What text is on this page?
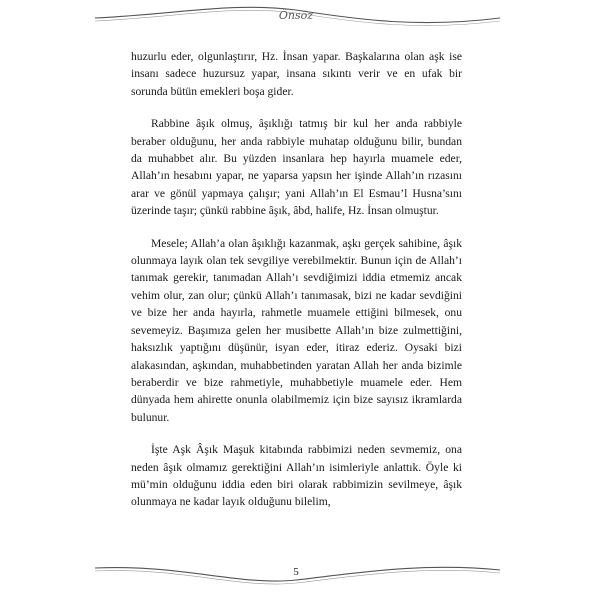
Önsöz

huzurlu eder, olgunlaştırır, Hz. İnsan yapar. Başkalarına olan aşk ise insanı sadece huzursuz yapar, insana sıkıntı verir ve en ufak bir sorunda bütün emekleri boşa gider.

Rabbine âşık olmuş, âşıklığı tatmış bir kul her anda rabbiyle beraber olduğunu, her anda rabbiyle muhatap olduğunu bilir, bundan da muhabbet alır. Bu yüzden insanlara hep hayırla muamele eder, Allah’ın hesabını yapar, ne yaparsa yapsın her işinde Allah’ın rızasını arar ve gönül yapmaya çalışır; yani Allah’ın El Esmau’l Husna’sını üzerinde taşır; çünkü rabbine âşık, âbd, halife, Hz. İnsan olmuştur.

Mesele; Allah’a olan âşıklığı kazanmak, aşkı gerçek sahibine, âşık olunmaya layık olan tek sevgiliye verebilmektir. Bunun için de Allah’ı tanımak gerekir, tanımadan Allah’ı sevdiğimizi iddia etmemiz ancak vehim olur, zan olur; çünkü Allah’ı tanımasak, bizi ne kadar sevdiğini ve bize her anda hayırla, rahmetle muamele ettiğini bilmesek, onu sevemeyiz. Başımıza gelen her musibette Allah’ın bize zulmettiğini, haksızlık yaptığını düşünür, isyan eder, itiraz ederiz. Oysaki bizi alakasından, aşkından, muhabbetinden yaratan Allah her anda bizimle beraberdir ve bize rahmetiyle, muhabbetiyle muamele eder. Hem dünyada hem ahirette onunla olabilmemiz için bize sayısız ikramlarda bulunur.

İşte Aşk Âşık Maşuk kitabında rabbimizi neden sevmemiz, ona neden âşık olmamız gerektiğini Allah’ın isimleriyle anlattık. Öyle ki mü’min olduğunu iddia eden biri olarak rabbimizin sevilmeye, âşık olunmaya ne kadar layık olduğunu bilelim,

5
